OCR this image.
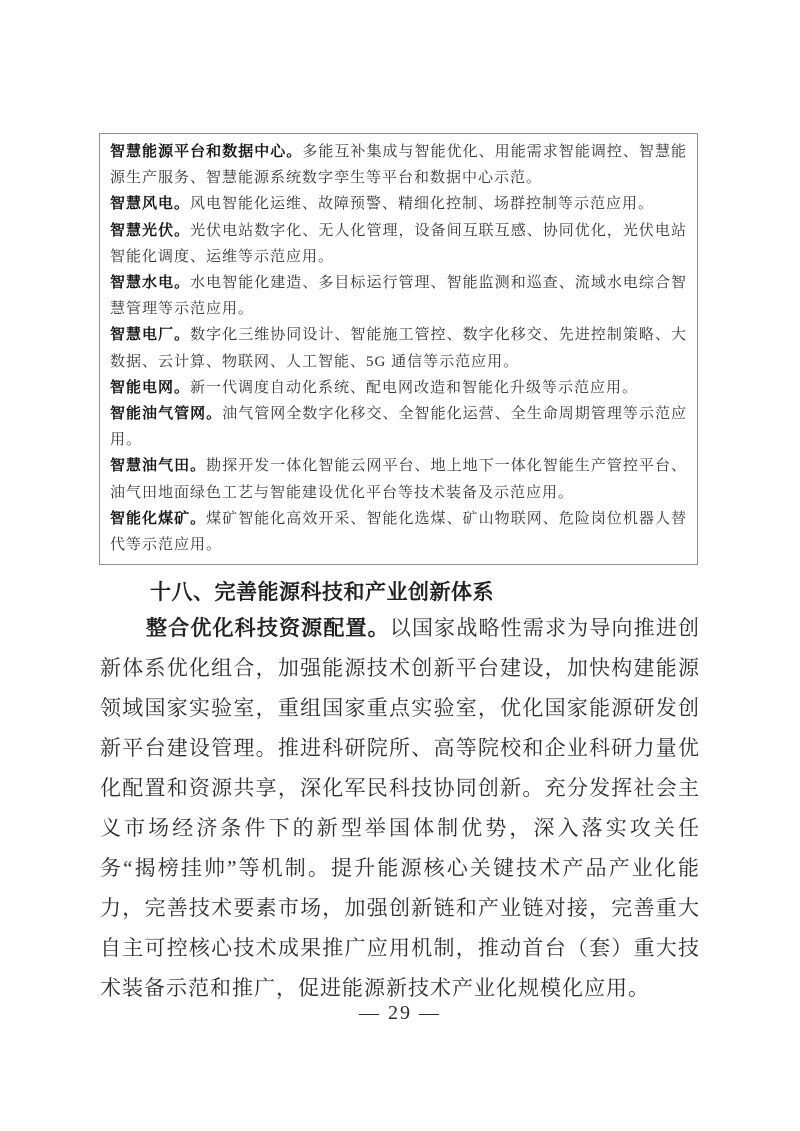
智慧能源平台和数据中心。多能互补集成与智能优化、用能需求智能调控、智慧能源生产服务、智慧能源系统数字孪生等平台和数据中心示范。

智慧风电。风电智能化运维、故障预警、精细化控制、场群控制等示范应用。

智慧光伏。光伏电站数字化、无人化管理，设备间互联互感、协同优化，光伏电站智能化调度、运维等示范应用。

智慧水电。水电智能化建造、多目标运行管理、智能监测和巡查、流域水电综合智慧管理等示范应用。

智慧电厂。数字化三维协同设计、智能施工管控、数字化移交、先进控制策略、大数据、云计算、物联网、人工智能、5G 通信等示范应用。

智能电网。新一代调度自动化系统、配电网改造和智能化升级等示范应用。

智能油气管网。油气管网全数字化移交、全智能化运营、全生命周期管理等示范应用。

智慧油气田。勘探开发一体化智能云网平台、地上地下一体化智能生产管控平台、油气田地面绿色工艺与智能建设优化平台等技术装备及示范应用。

智能化煤矿。煤矿智能化高效开采、智能化选煤、矿山物联网、危险岗位机器人替代等示范应用。

十八、完善能源科技和产业创新体系

整合优化科技资源配置。以国家战略性需求为导向推进创新体系优化组合，加强能源技术创新平台建设，加快构建能源领域国家实验室，重组国家重点实验室，优化国家能源研发创新平台建设管理。推进科研院所、高等院校和企业科研力量优化配置和资源共享，深化军民科技协同创新。充分发挥社会主义市场经济条件下的新型举国体制优势，深入落实攻关任务“揭榜挂帅”等机制。提升能源核心关键技术产品产业化能力，完善技术要素市场，加强创新链和产业链对接，完善重大自主可控核心技术成果推广应用机制，推动首台（套）重大技术装备示范和推广，促进能源新技术产业化规模化应用。

— 29 —
